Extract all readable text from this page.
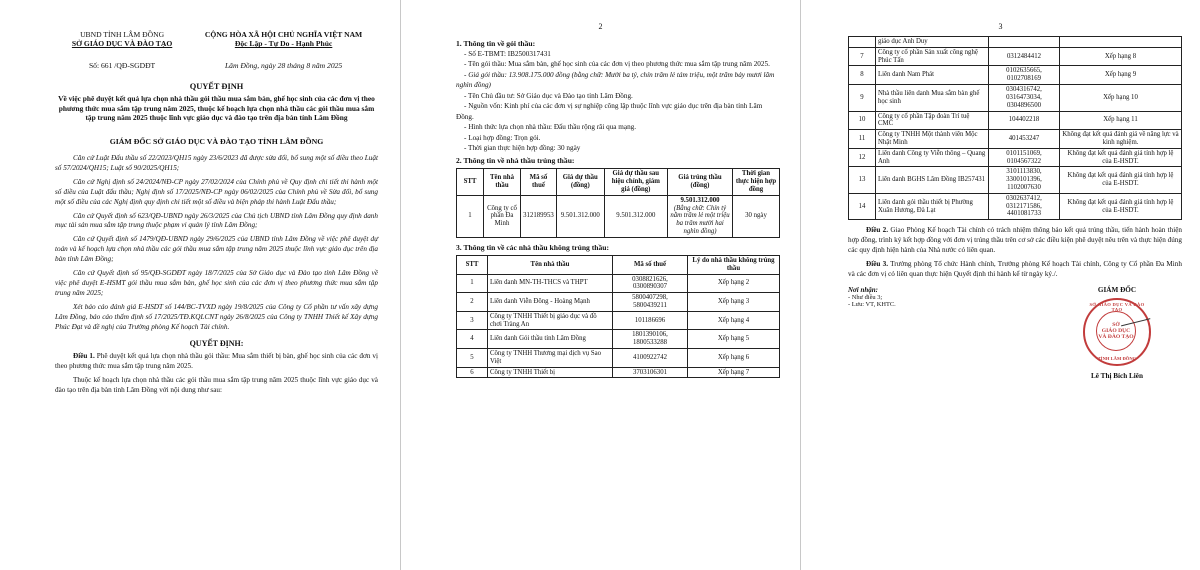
UBND TỈNH LÂM ĐỒNG
SỞ GIÁO DỤC VÀ ĐÀO TẠO
CỘNG HÒA XÃ HỘI CHỦ NGHĨA VIỆT NAM
Độc Lập - Tự Do - Hạnh Phúc
Số: 661 /QĐ-SGDĐT	Lâm Đồng, ngày 28 tháng 8 năm 2025
QUYẾT ĐỊNH
Về việc phê duyệt kết quả lựa chọn nhà thầu gói thầu mua sắm bàn, ghế học sinh của các đơn vị theo phương thức mua sắm tập trung năm 2025, thuộc kế hoạch lựa chọn nhà thầu các gói thầu mua sắm tập trung năm 2025 thuộc lĩnh vực giáo dục và đào tạo trên địa bàn tỉnh Lâm Đồng
GIÁM ĐỐC SỞ GIÁO DỤC VÀ ĐÀO TẠO TỈNH LÂM ĐỒNG

Căn cứ Luật Đấu thầu số 22/2023/QH15 ngày 23/6/2023 đã được sửa đổi, bổ sung một số điều theo Luật số 57/2024/QH15; Luật số 90/2025/QH15;

Căn cứ Nghị định số 24/2024/NĐ-CP ngày 27/02/2024 của Chính phủ về Quy định chi tiết thi hành một số điều của Luật đấu thầu; Nghị định số 17/2025/NĐ-CP ngày 06/02/2025 của Chính phủ về Sửa đổi, bổ sung một số điều của các Nghị định quy định chi tiết một số điều và biện pháp thi hành Luật Đấu thầu;

Căn cứ Quyết định số 623/QĐ-UBND ngày 26/3/2025 của Chủ tịch UBND tỉnh Lâm Đồng quy định danh mục tài sản mua sắm tập trung thuộc phạm vi quản lý tỉnh Lâm Đồng;

Căn cứ Quyết định số 1479/QĐ-UBND ngày 29/6/2025 của UBND tỉnh Lâm Đồng về việc phê duyệt dự toán và kế hoạch lựa chọn nhà thầu các gói thầu mua sắm tập trung năm 2025 thuộc lĩnh vực giáo dục trên địa bàn tỉnh Lâm Đồng;

Căn cứ Quyết định số 95/QĐ-SGDĐT ngày 18/7/2025 của Sở Giáo dục và Đào tạo tỉnh Lâm Đồng về việc phê duyệt E-HSMT gói thầu mua sắm bàn, ghế học sinh của các đơn vị theo phương thức mua sắm tập trung năm 2025;

Xét báo cáo đánh giá E-HSDT số 144/BC-TVXD ngày 19/8/2025 của Công ty Cổ phần tư vấn xây dựng Lâm Đồng, báo cáo thẩm định số 17/2025/TĐ.KQLCNT ngày 26/8/2025 của Công ty TNHH Thiết kế Xây dựng Phúc Đạt và đề nghị của Trưởng phòng Kế hoạch Tài chính.

QUYẾT ĐỊNH:

Điều 1. Phê duyệt kết quả lựa chọn nhà thầu gói thầu: Mua sắm thiết bị bàn, ghế học sinh của các đơn vị theo phương thức mua sắm tập trung năm 2025.

Thuộc kế hoạch lựa chọn nhà thầu các gói thầu mua sắm tập trung năm 2025 thuộc lĩnh vực giáo dục và đào tạo trên địa bàn tỉnh Lâm Đồng với nội dung như sau:

2
1. Thông tin về gói thầu:
- Số E-TBMT: IB2500317431
- Tên gói thầu: Mua sắm bàn, ghế học sinh của các đơn vị theo phương thức mua sắm tập trung năm 2025.
- Giá gói thầu: 13.908.175.000 đồng (bằng chữ: Mười ba tỷ, chín trăm lẻ tám triệu, một trăm bảy mươi lăm nghìn đồng)
- Tên Chủ đầu tư: Sở Giáo dục và Đào tạo tỉnh Lâm Đồng.
- Nguồn vốn: Kinh phí của các đơn vị sự nghiệp công lập thuộc lĩnh vực giáo dục trên địa bàn tỉnh Lâm Đồng.
- Hình thức lựa chọn nhà thầu: Đấu thầu rộng rãi qua mạng.
- Loại hợp đồng: Trọn gói.
- Thời gian thực hiện hợp đồng: 30 ngày
2. Thông tin về nhà thầu trúng thầu:
STT	Tên nhà thầu	Mã số thuế	Giá dự thầu (đồng)	Giá dự thầu sau hiệu chỉnh, giảm giá (đồng)	Giá trúng thầu (đồng)	Thời gian thực hiện hợp đồng
1	Công ty cổ phần Đa Minh	312189953	9.501.312.000	9.501.312.000	9.501.312.000
(Bằng chữ: Chín tỷ năm trăm lẻ một triệu ba trăm mười hai nghìn đồng)	30 ngày
3. Thông tin về các nhà thầu không trúng thầu:
STT	Tên nhà thầu	Mã số thuế	Lý do nhà thầu không trúng thầu
1	Liên danh MN-TH-THCS và THPT	0308821626,
0300890307	Xếp hạng 2
2	Liên danh Viễn Đông - Hoàng Mạnh	5800407298,
5800439211	Xếp hạng 3
3	Công ty TNHH Thiết bị giáo dục và đồ chơi Tràng An	101186696	Xếp hạng 4
4	Liên danh Gói thầu tỉnh Lâm Đồng	1801390106,
1800533288	Xếp hạng 5
5	Công ty TNHH Thương mại dịch vụ Sao Việt	4100922742	Xếp hạng 6
6	Công ty TNHH Thiết bị	3703106301	Xếp hạng 7
3
	giáo dục Anh Duy		
7	Công ty cổ phần Sản xuất công nghệ Phúc Tấn	0312484412	Xếp hạng 8
8	Liên danh Nam Phát	0102635665,
0102708169	Xếp hạng 9
9	Nhà thầu liên danh Mua sắm bàn ghế học sinh	0304316742,
0316473034,
0304896500	Xếp hạng 10
10	Công ty cổ phần Tập đoàn Trí tuệ CMC	104402218	Xếp hạng 11
11	Công ty TNHH Một thành viên Mộc Nhật Minh	401453247	Không đạt kết quả đánh giá về năng lực và kinh nghiệm.
12	Liên danh Công ty Viễn thông – Quang Anh	0101151069,
0104567322	Không đạt kết quả đánh giá tính hợp lệ của E-HSDT.
13	Liên danh BGHS Lâm Đồng IB257431	3101113830,
3300101396,
1102007630	Không đạt kết quả đánh giá tính hợp lệ của E-HSDT.
14	Liên danh gói thầu thiết bị Phường Xuân Hương, Đà Lạt	0302637412,
0312171586,
4401081733	Không đạt kết quả đánh giá tính hợp lệ của E-HSDT.

Điều 2. Giao Phòng Kế hoạch Tài chính có trách nhiệm thông báo kết quả trúng thầu, tiến hành hoàn thiện hợp đồng, trình ký kết hợp đồng với đơn vị trúng thầu trên cơ sở các điều kiện phê duyệt nêu trên và thực hiện đúng các quy định hiện hành của Nhà nước có liên quan.

Điều 3. Trưởng phòng Tổ chức Hành chính, Trưởng phòng Kế hoạch Tài chính, Công ty Cổ phần Đa Minh và các đơn vị có liên quan thực hiện Quyết định thi hành kể từ ngày ký./.

Nơi nhận:
- Như điều 3;
- Lưu: VT, KHTC.
GIÁM ĐỐC
SỞ GIÁO DỤC VÀ ĐÀO TẠO
SỞ
GIÁO DỤC
VÀ ĐÀO TẠO
TỈNH LÂM ĐỒNG
Lê Thị Bích Liên
